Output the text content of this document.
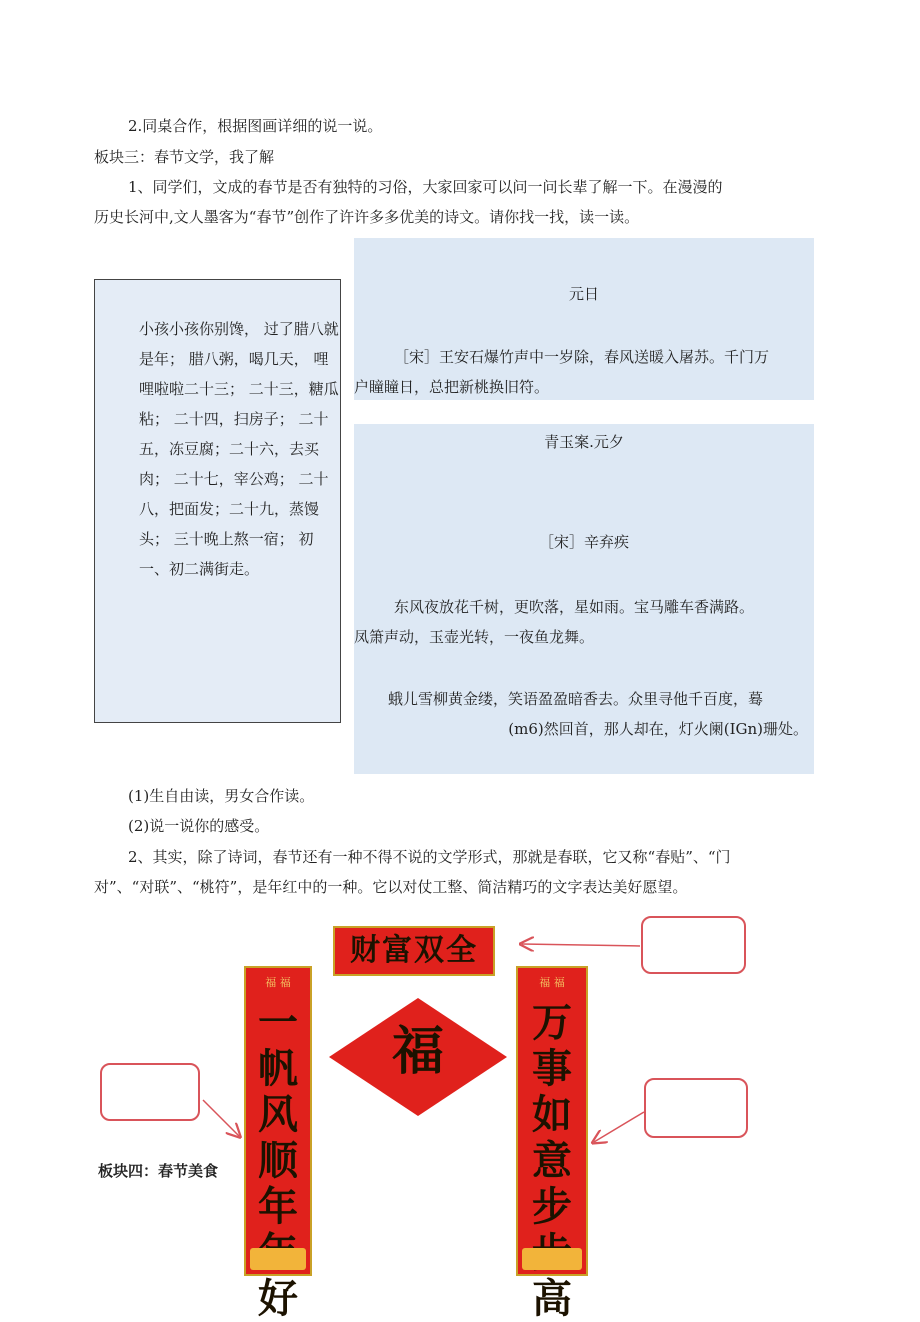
2.同桌合作，根据图画详细的说一说。
板块三：春节文学，我了解
1、同学们，文成的春节是否有独特的习俗，大家回家可以问一问长辈了解一下。在漫漫的
历史长河中,文人墨客为“春节”创作了许许多多优美的诗文。请你找一找，读一读。
小孩小孩你别馋， 过了腊八就是年； 腊八粥，喝几天， 哩哩啦啦二十三； 二十三，糖瓜粘； 二十四，扫房子； 二十五，冻豆腐；二十六，去买肉； 二十七，宰公鸡； 二十八，把面发；二十九，蒸馒头； 三十晚上熬一宿； 初一、初二满街走。
元日
［宋］王安石爆竹声中一岁除，春风送暖入屠苏。千门万
户瞳瞳日，总把新桃换旧符。
青玉案.元夕
［宋］辛弃疾
东风夜放花千树，更吹落，星如雨。宝马雕车香满路。
凤箫声动，玉壶光转，一夜鱼龙舞。
蛾儿雪柳黄金缕，笑语盈盈暗香去。众里寻他千百度，蓦
(m6)然回首，那人却在，灯火阑(IGn)珊处。
(1)生自由读，男女合作读。
(2)说一说你的感受。
2、其实，除了诗词，春节还有一种不得不说的文学形式，那就是春联，它又称“春贴”、“门
对”、“对联”、“桃符”，是年红中的一种。它以对仗工整、简洁精巧的文字表达美好愿望。
板块四：春节美食
财富双全
福 福
一帆风顺年 好
福 福
万事如意步 高
福
